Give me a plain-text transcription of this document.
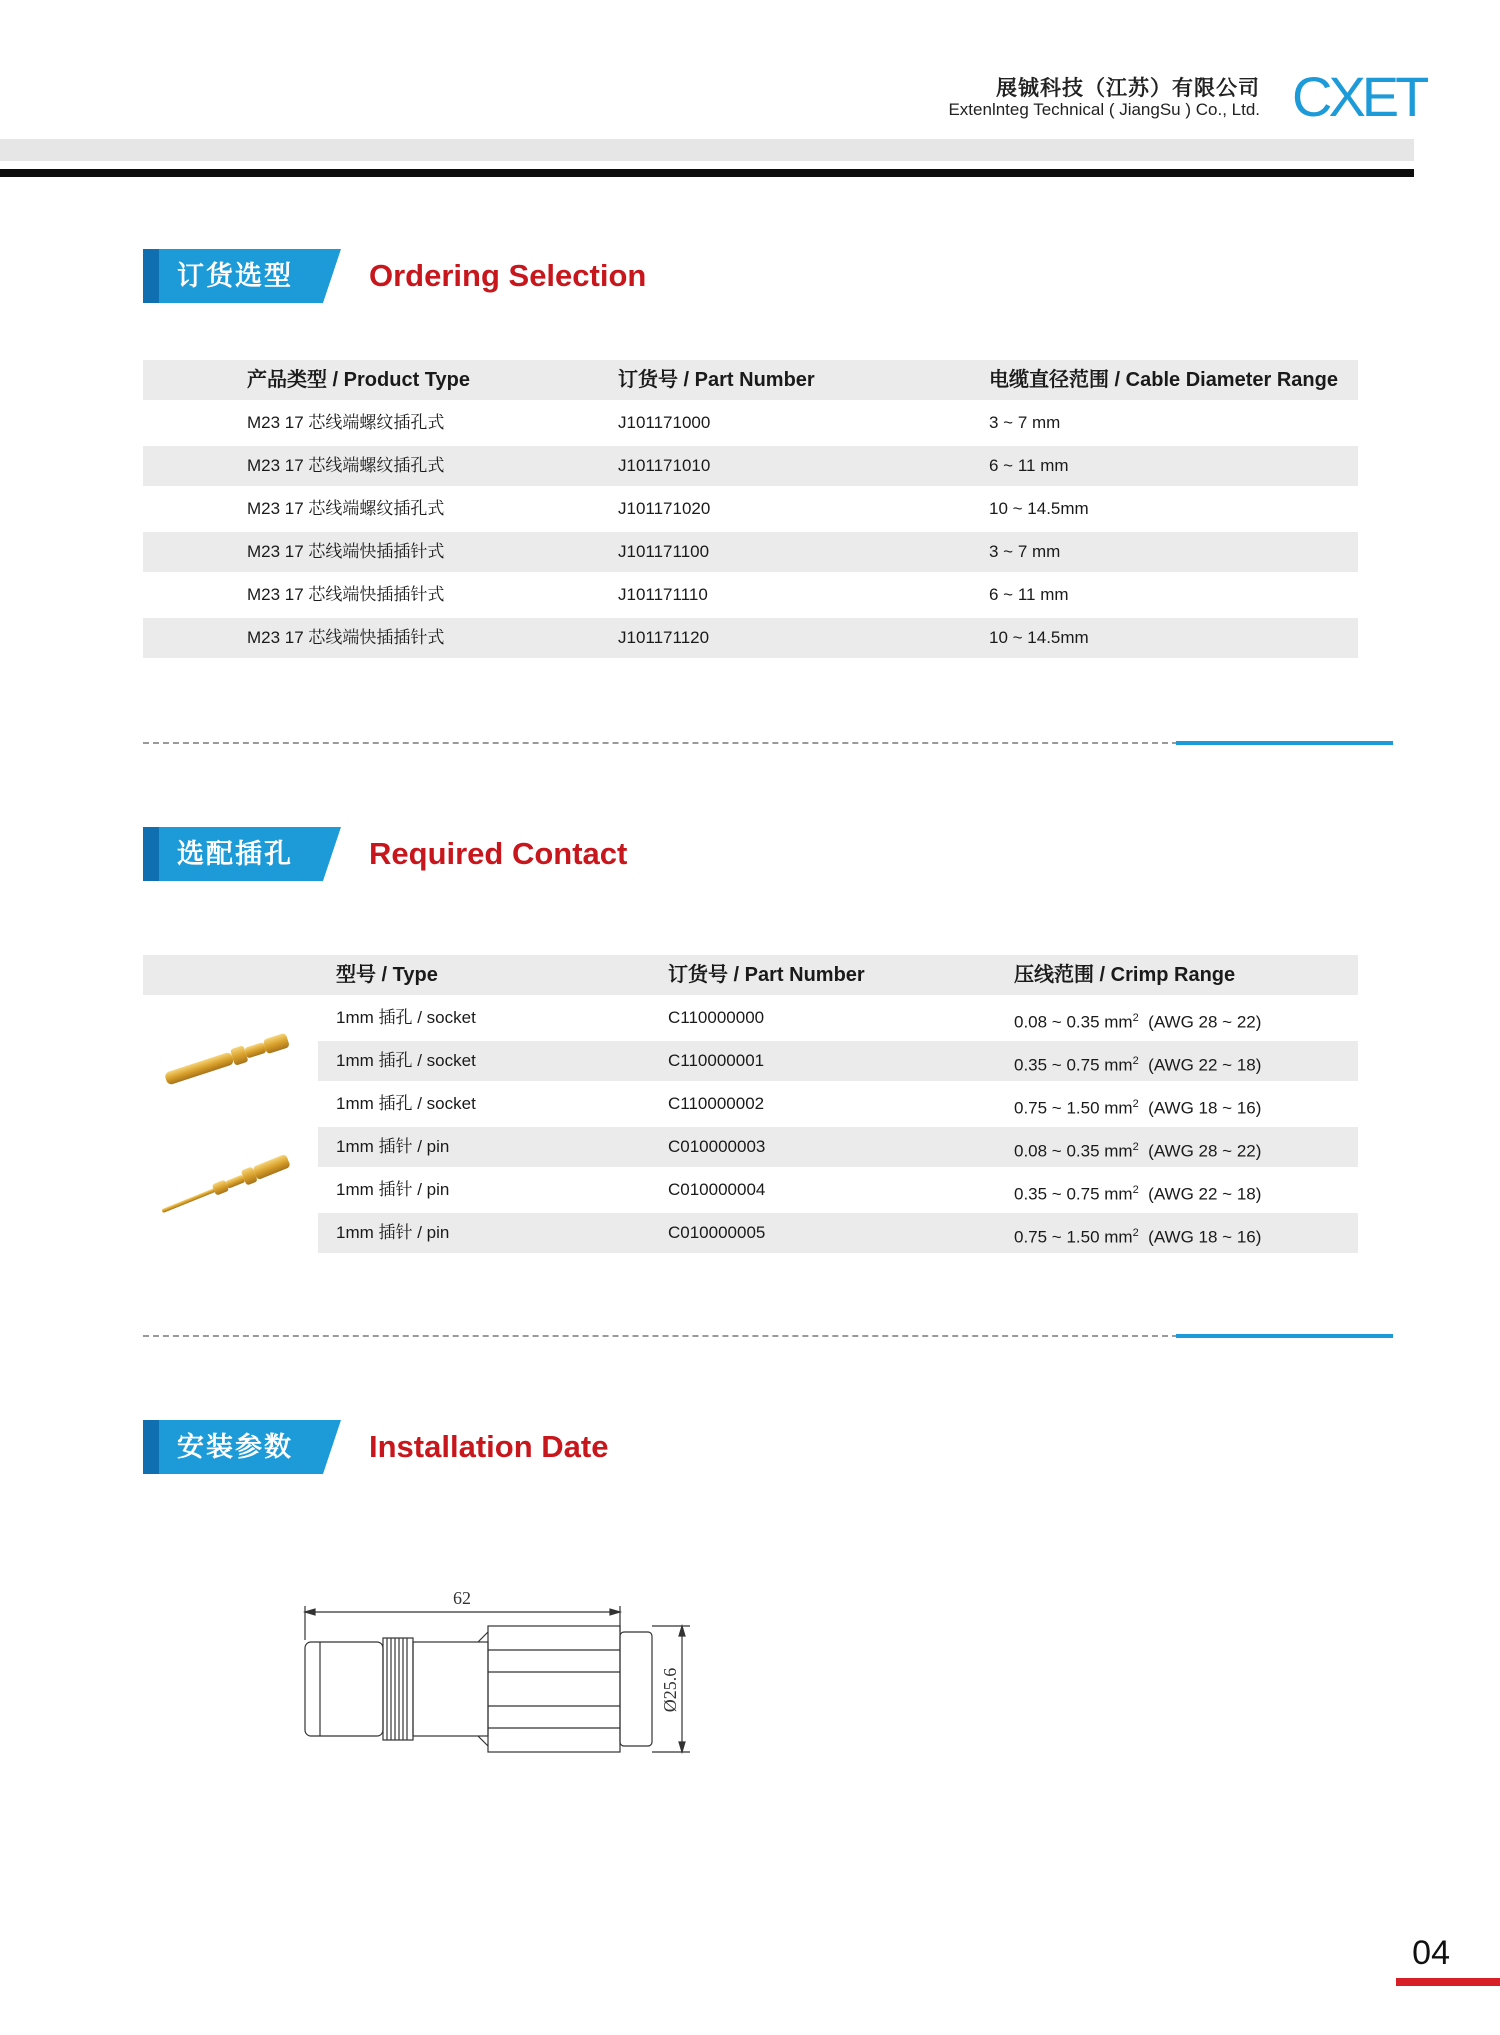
展铖科技（江苏）有限公司
Extenlnteg Technical ( JiangSu ) Co., Ltd. CXET
订货选型	Ordering Selection
产品类型 / Product Type	订货号 / Part Number	电缆直径范围 / Cable Diameter Range
M23 17 芯线端螺纹插孔式	J101171000	3 ~ 7 mm
M23 17 芯线端螺纹插孔式	J101171010	6 ~ 11 mm
M23 17 芯线端螺纹插孔式	J101171020	10 ~ 14.5mm
M23 17 芯线端快插插针式	J101171100	3 ~ 7 mm
M23 17 芯线端快插插针式	J101171110	6 ~ 11 mm
M23 17 芯线端快插插针式	J101171120	10 ~ 14.5mm
选配插孔	Required Contact
型号 / Type	订货号 / Part Number	压线范围 / Crimp Range
1mm 插孔 / socket	C110000000	0.08 ~ 0.35 $mm^2$ (AWG 28 ~ 22)
1mm 插孔 / socket	C110000001	0.35 ~ 0.75 $mm^2$ (AWG 22 ~ 18)
1mm 插孔 / socket	C110000002	0.75 ~ 1.50 $mm^2$ (AWG 18 ~ 16)
1mm 插针 / pin	C010000003	0.08 ~ 0.35 $mm^2$ (AWG 28 ~ 22)
1mm 插针 / pin	C010000004	0.35 ~ 0.75 $mm^2$ (AWG 22 ~ 18)
1mm 插针 / pin	C010000005	0.75 ~ 1.50 $mm^2$ (AWG 18 ~ 16)
安装参数	Installation Date
62
Ø25.6
04
